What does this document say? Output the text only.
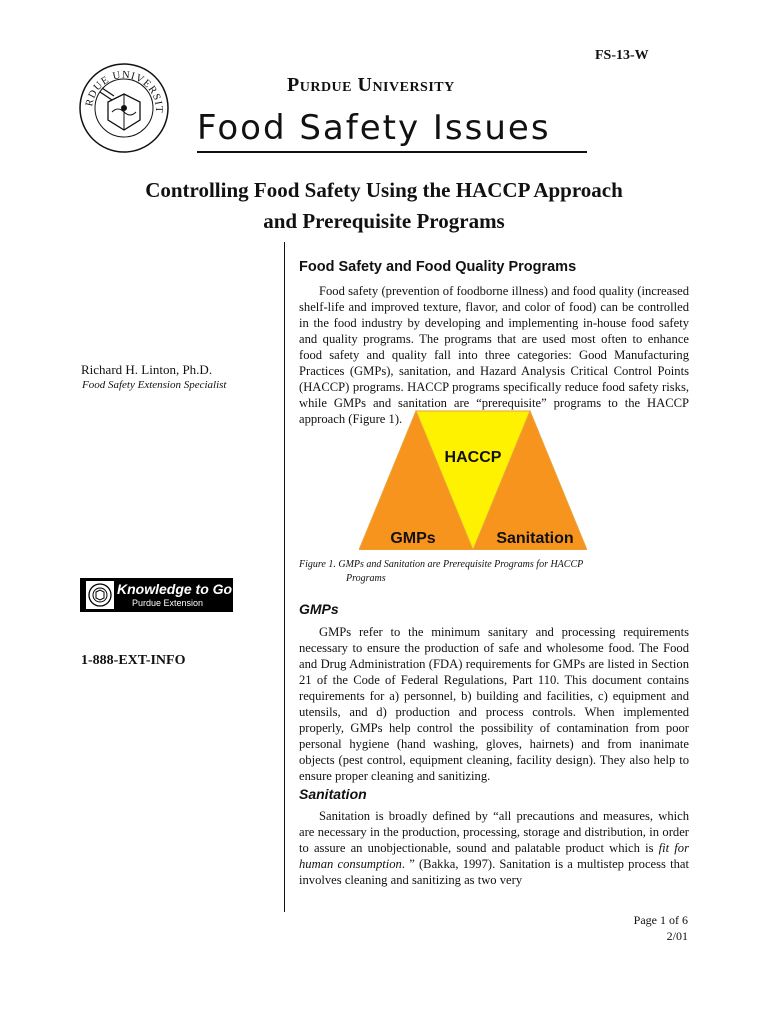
FS-13-W
RDUE UNIVERSIT
Purdue University
Food Safety Issues
Controlling Food Safety Using the HACCP Approach
and Prerequisite Programs
Richard H. Linton, Ph.D.
Food Safety Extension Specialist
Knowledge to Go
Purdue Extension
1-888-EXT-INFO
Food Safety and Food Quality Programs

Food safety (prevention of foodborne illness) and food quality (increased shelf-life and improved texture, flavor, and color of food) can be controlled in the food industry by developing and implementing in-house food safety and quality programs. The programs that are used most often to enhance food safety and quality fall into three categories: Good Manufacturing Practices (GMPs), sanitation, and Hazard Analysis Critical Control Points (HACCP) programs. HACCP programs specifically reduce food safety risks, while GMPs and sanitation are “prerequisite” programs to the HACCP approach (Figure 1).

HACCP
GMPs	Sanitation
Figure 1. GMPs and Sanitation are Prerequisite Programs for HACCP
Programs
GMPs

GMPs refer to the minimum sanitary and processing requirements necessary to ensure the production of safe and wholesome food. The Food and Drug Administration (FDA) requirements for GMPs are listed in Section 21 of the Code of Federal Regulations, Part 110. This document contains requirements for a) personnel, b) building and facilities, c) equipment and utensils, and d) production and process controls. When implemented properly, GMPs help control the possibility of contamination from poor personal hygiene (hand washing, gloves, hairnets) and from inanimate objects (pest control, equipment cleaning, facility design). They also help to ensure proper cleaning and sanitizing.

Sanitation

Sanitation is broadly defined by “all precautions and measures, which are necessary in the production, processing, storage and distribution, in order to assure an unobjectionable, sound and palatable product which is fit for human consumption. ” (Bakka, 1997). Sanitation is a multistep process that involves cleaning and sanitizing as two very

Page 1 of 6
2/01
